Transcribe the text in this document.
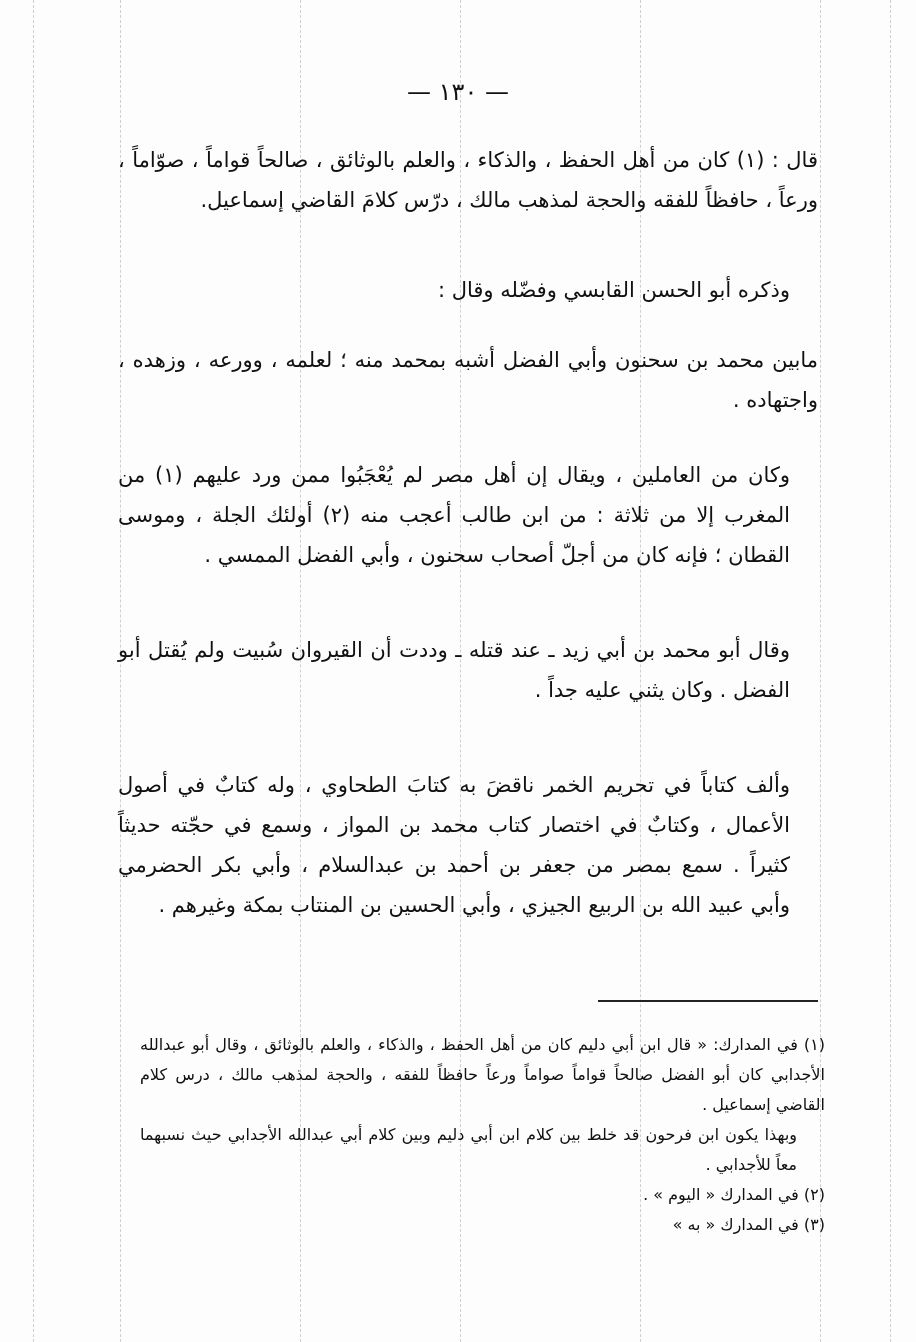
— ١٣٠ —

قال : (١) كان من أهل الحفظ ، والذكاء ، والعلم بالوثائق ، صالحاً قواماً ، صوّاماً ، ورعاً ، حافظاً للفقه والحجة لمذهب مالك ، درّس كلامَ القاضي إسماعيل.

وذكره أبو الحسن القابسي وفضّله وقال :

مابين محمد بن سحنون وأبي الفضل أشبه بمحمد منه ؛ لعلمه ، وورعه ، وزهده ، واجتهاده .

وكان من العاملين ، ويقال إن أهل مصر لم يُعْجَبُوا ممن ورد عليهم (١) من المغرب إلا من ثلاثة : من ابن طالب أعجب منه (٢) أولئك الجلة ، وموسى القطان ؛ فإنه كان من أجلّ أصحاب سحنون ، وأبي الفضل الممسي .

وقال أبو محمد بن أبي زيد ـ عند قتله ـ وددت أن القيروان سُبيت ولم يُقتل أبو الفضل . وكان يثني عليه جداً .

وألف كتاباً في تحريم الخمر ناقضَ به كتابَ الطحاوي ، وله كتابٌ في أصول الأعمال ، وكتابٌ في اختصار كتاب محمد بن المواز ، وسمع في حجّته حديثاً كثيراً . سمع بمصر من جعفر بن أحمد بن عبدالسلام ، وأبي بكر الحضرمي وأبي عبيد الله بن الربيع الجيزي ، وأبي الحسين بن المنتاب بمكة وغيرهم .

(١) في المدارك: « قال ابن أبي دليم كان من أهل الحفظ ، والذكاء ، والعلم بالوثائق ، وقال أبو عبدالله الأجدابي كان أبو الفضل صالحاً قواماً صواماً ورعاً حافظاً للفقه ، والحجة لمذهب مالك ، درس كلام القاضي إسماعيل .

وبهذا يكون ابن فرحون قد خلط بين كلام ابن أبي دليم وبين كلام أبي عبدالله الأجدابي حيث نسبهما معاً للأجدابي .

(٢) في المدارك « اليوم » .

(٣) في المدارك « به »
